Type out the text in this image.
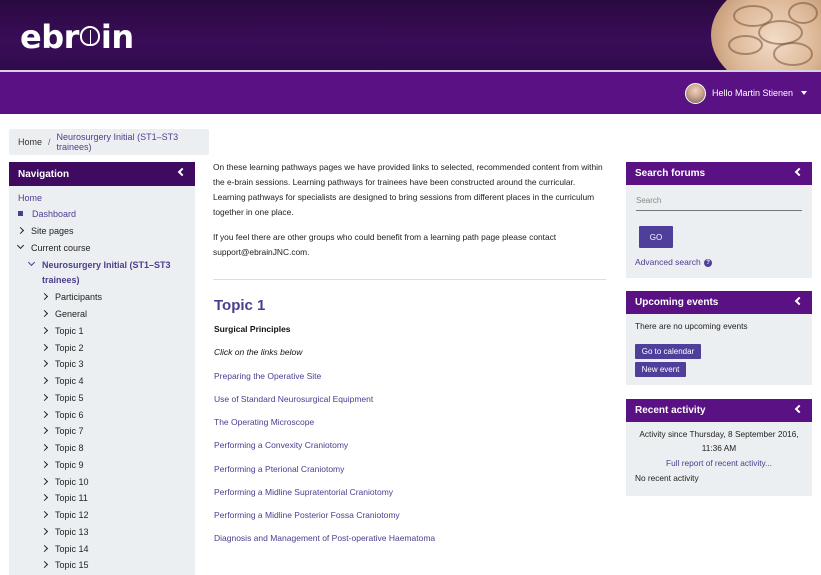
ebr in
Hello Martin Stienen
Home / Neurosurgery Initial (ST1–ST3 trainees)
Navigation
Home
Dashboard
Site pages
Current course
Neurosurgery Initial (ST1–ST3
trainees)
Participants
General
Topic 1
Topic 2
Topic 3
Topic 4
Topic 5
Topic 6
Topic 7
Topic 8
Topic 9
Topic 10
Topic 11
Topic 12
Topic 13
Topic 14
Topic 15

On these learning pathways pages we have provided links to selected, recommended content from within the e-brain sessions. Learning pathways for trainees have been constructed around the curricular. Learning pathways for specialists are designed to bring sessions from different places in the curriculum together in one place.

If you feel there are other groups who could benefit from a learning path page please contact support@ebrainJNC.com.

Topic 1
Surgical Principles
Click on the links below
Preparing the Operative Site
Use of Standard Neurosurgical Equipment
The Operating Microscope
Performing a Convexity Craniotomy
Performing a Pterional Craniotomy
Performing a Midline Supratentorial Craniotomy
Performing a Midline Posterior Fossa Craniotomy
Diagnosis and Management of Post-operative Haematoma
Search forums
Search
GO
Advanced search ?
Upcoming events
There are no upcoming events
Go to calendar
New event
Recent activity
Activity since Thursday, 8 September 2016,
11:36 AM
Full report of recent activity...
No recent activity
